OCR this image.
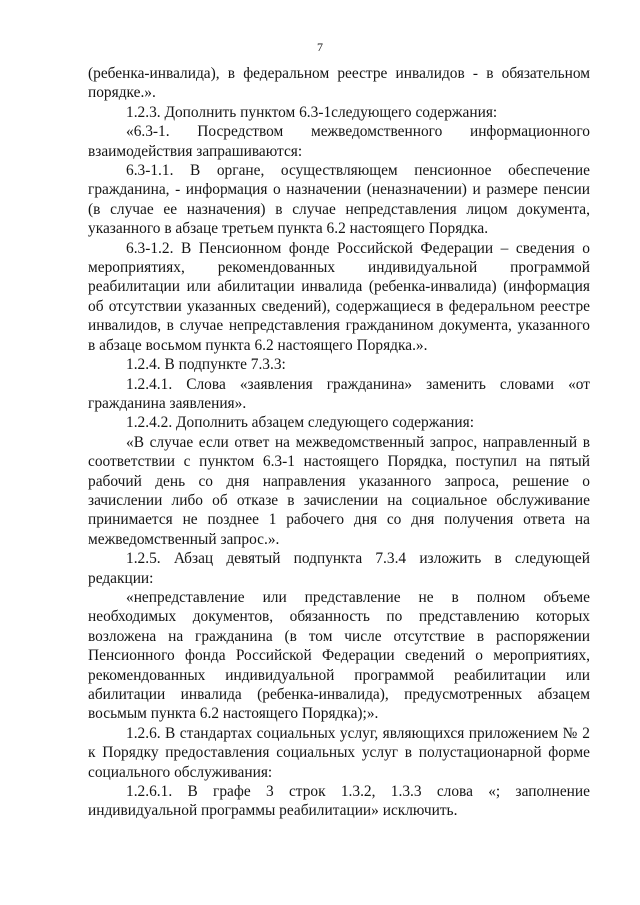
7

(ребенка-инвалида), в федеральном реестре инвалидов - в обязательном порядке.».

1.2.3. Дополнить пунктом 6.3-1следующего содержания:

«6.3-1. Посредством межведомственного информационного взаимодействия запрашиваются:

6.3-1.1. В органе, осуществляющем пенсионное обеспечение гражданина, - информация о назначении (неназначении) и размере пенсии (в случае ее назначения) в случае непредставления лицом документа, указанного в абзаце третьем пункта 6.2 настоящего Порядка.

6.3-1.2. В Пенсионном фонде Российской Федерации – сведения о мероприятиях, рекомендованных индивидуальной программой реабилитации или абилитации инвалида (ребенка-инвалида) (информация об отсутствии указанных сведений), содержащиеся в федеральном реестре инвалидов, в случае непредставления гражданином документа, указанного в абзаце восьмом пункта 6.2 настоящего Порядка.».

1.2.4. В подпункте 7.3.3:

1.2.4.1. Слова «заявления гражданина» заменить словами «от гражданина заявления».

1.2.4.2. Дополнить абзацем следующего содержания:

«В случае если ответ на межведомственный запрос, направленный в соответствии с пунктом 6.3-1 настоящего Порядка, поступил на пятый рабочий день со дня направления указанного запроса, решение о зачислении либо об отказе в зачислении на социальное обслуживание принимается не позднее 1 рабочего дня со дня получения ответа на межведомственный запрос.».

1.2.5. Абзац девятый подпункта 7.3.4 изложить в следующей редакции:

«непредставление или представление не в полном объеме необходимых документов, обязанность по представлению которых возложена на гражданина (в том числе отсутствие в распоряжении Пенсионного фонда Российской Федерации сведений о мероприятиях, рекомендованных индивидуальной программой реабилитации или абилитации инвалида (ребенка-инвалида), предусмотренных абзацем восьмым пункта 6.2 настоящего Порядка);».

1.2.6. В стандартах социальных услуг, являющихся приложением № 2 к Порядку предоставления социальных услуг в полустационарной форме социального обслуживания:

1.2.6.1. В графе 3 строк 1.3.2, 1.3.3 слова «; заполнение индивидуальной программы реабилитации» исключить.
